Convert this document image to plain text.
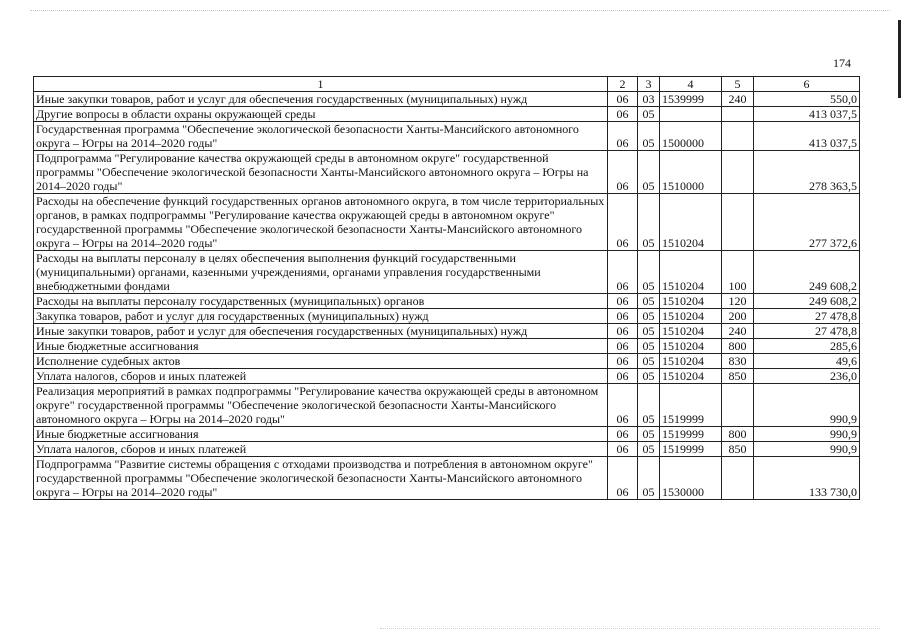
174
1	2	3	4	5	6
Иные закупки товаров, работ и услуг для обеспечения государственных (муниципальных) нужд	06	03	1539999	240	550,0
Другие вопросы в области охраны окружающей среды	06	05			413 037,5
Государственная программа "Обеспечение экологической безопасности Ханты-Мансийского автономного округа – Югры на 2014–2020 годы"	06	05	1500000		413 037,5
Подпрограмма "Регулирование качества окружающей среды в автономном округе" государственной программы "Обеспечение экологической безопасности Ханты-Мансийского автономного округа – Югры на 2014–2020 годы"	06	05	1510000		278 363,5
Расходы на обеспечение функций государственных органов автономного округа, в том числе территориальных органов, в рамках подпрограммы "Регулирование качества окружающей среды в автономном округе" государственной программы "Обеспечение экологической безопасности Ханты-Мансийского автономного округа – Югры на 2014–2020 годы"	06	05	1510204		277 372,6
Расходы на выплаты персоналу в целях обеспечения выполнения функций государственными (муниципальными) органами, казенными учреждениями, органами управления государственными внебюджетными фондами	06	05	1510204	100	249 608,2
Расходы на выплаты персоналу государственных (муниципальных) органов	06	05	1510204	120	249 608,2
Закупка товаров, работ и услуг для государственных (муниципальных) нужд	06	05	1510204	200	27 478,8
Иные закупки товаров, работ и услуг для обеспечения государственных (муниципальных) нужд	06	05	1510204	240	27 478,8
Иные бюджетные ассигнования	06	05	1510204	800	285,6
Исполнение судебных актов	06	05	1510204	830	49,6
Уплата налогов, сборов и иных платежей	06	05	1510204	850	236,0
Реализация мероприятий в рамках подпрограммы "Регулирование качества окружающей среды в автономном округе" государственной программы "Обеспечение экологической безопасности Ханты-Мансийского автономного округа – Югры на 2014–2020 годы"	06	05	1519999		990,9
Иные бюджетные ассигнования	06	05	1519999	800	990,9
Уплата налогов, сборов и иных платежей	06	05	1519999	850	990,9
Подпрограмма "Развитие системы обращения с отходами производства и потребления в автономном округе" государственной программы "Обеспечение экологической безопасности Ханты-Мансийского автономного округа – Югры на 2014–2020 годы"	06	05	1530000		133 730,0
